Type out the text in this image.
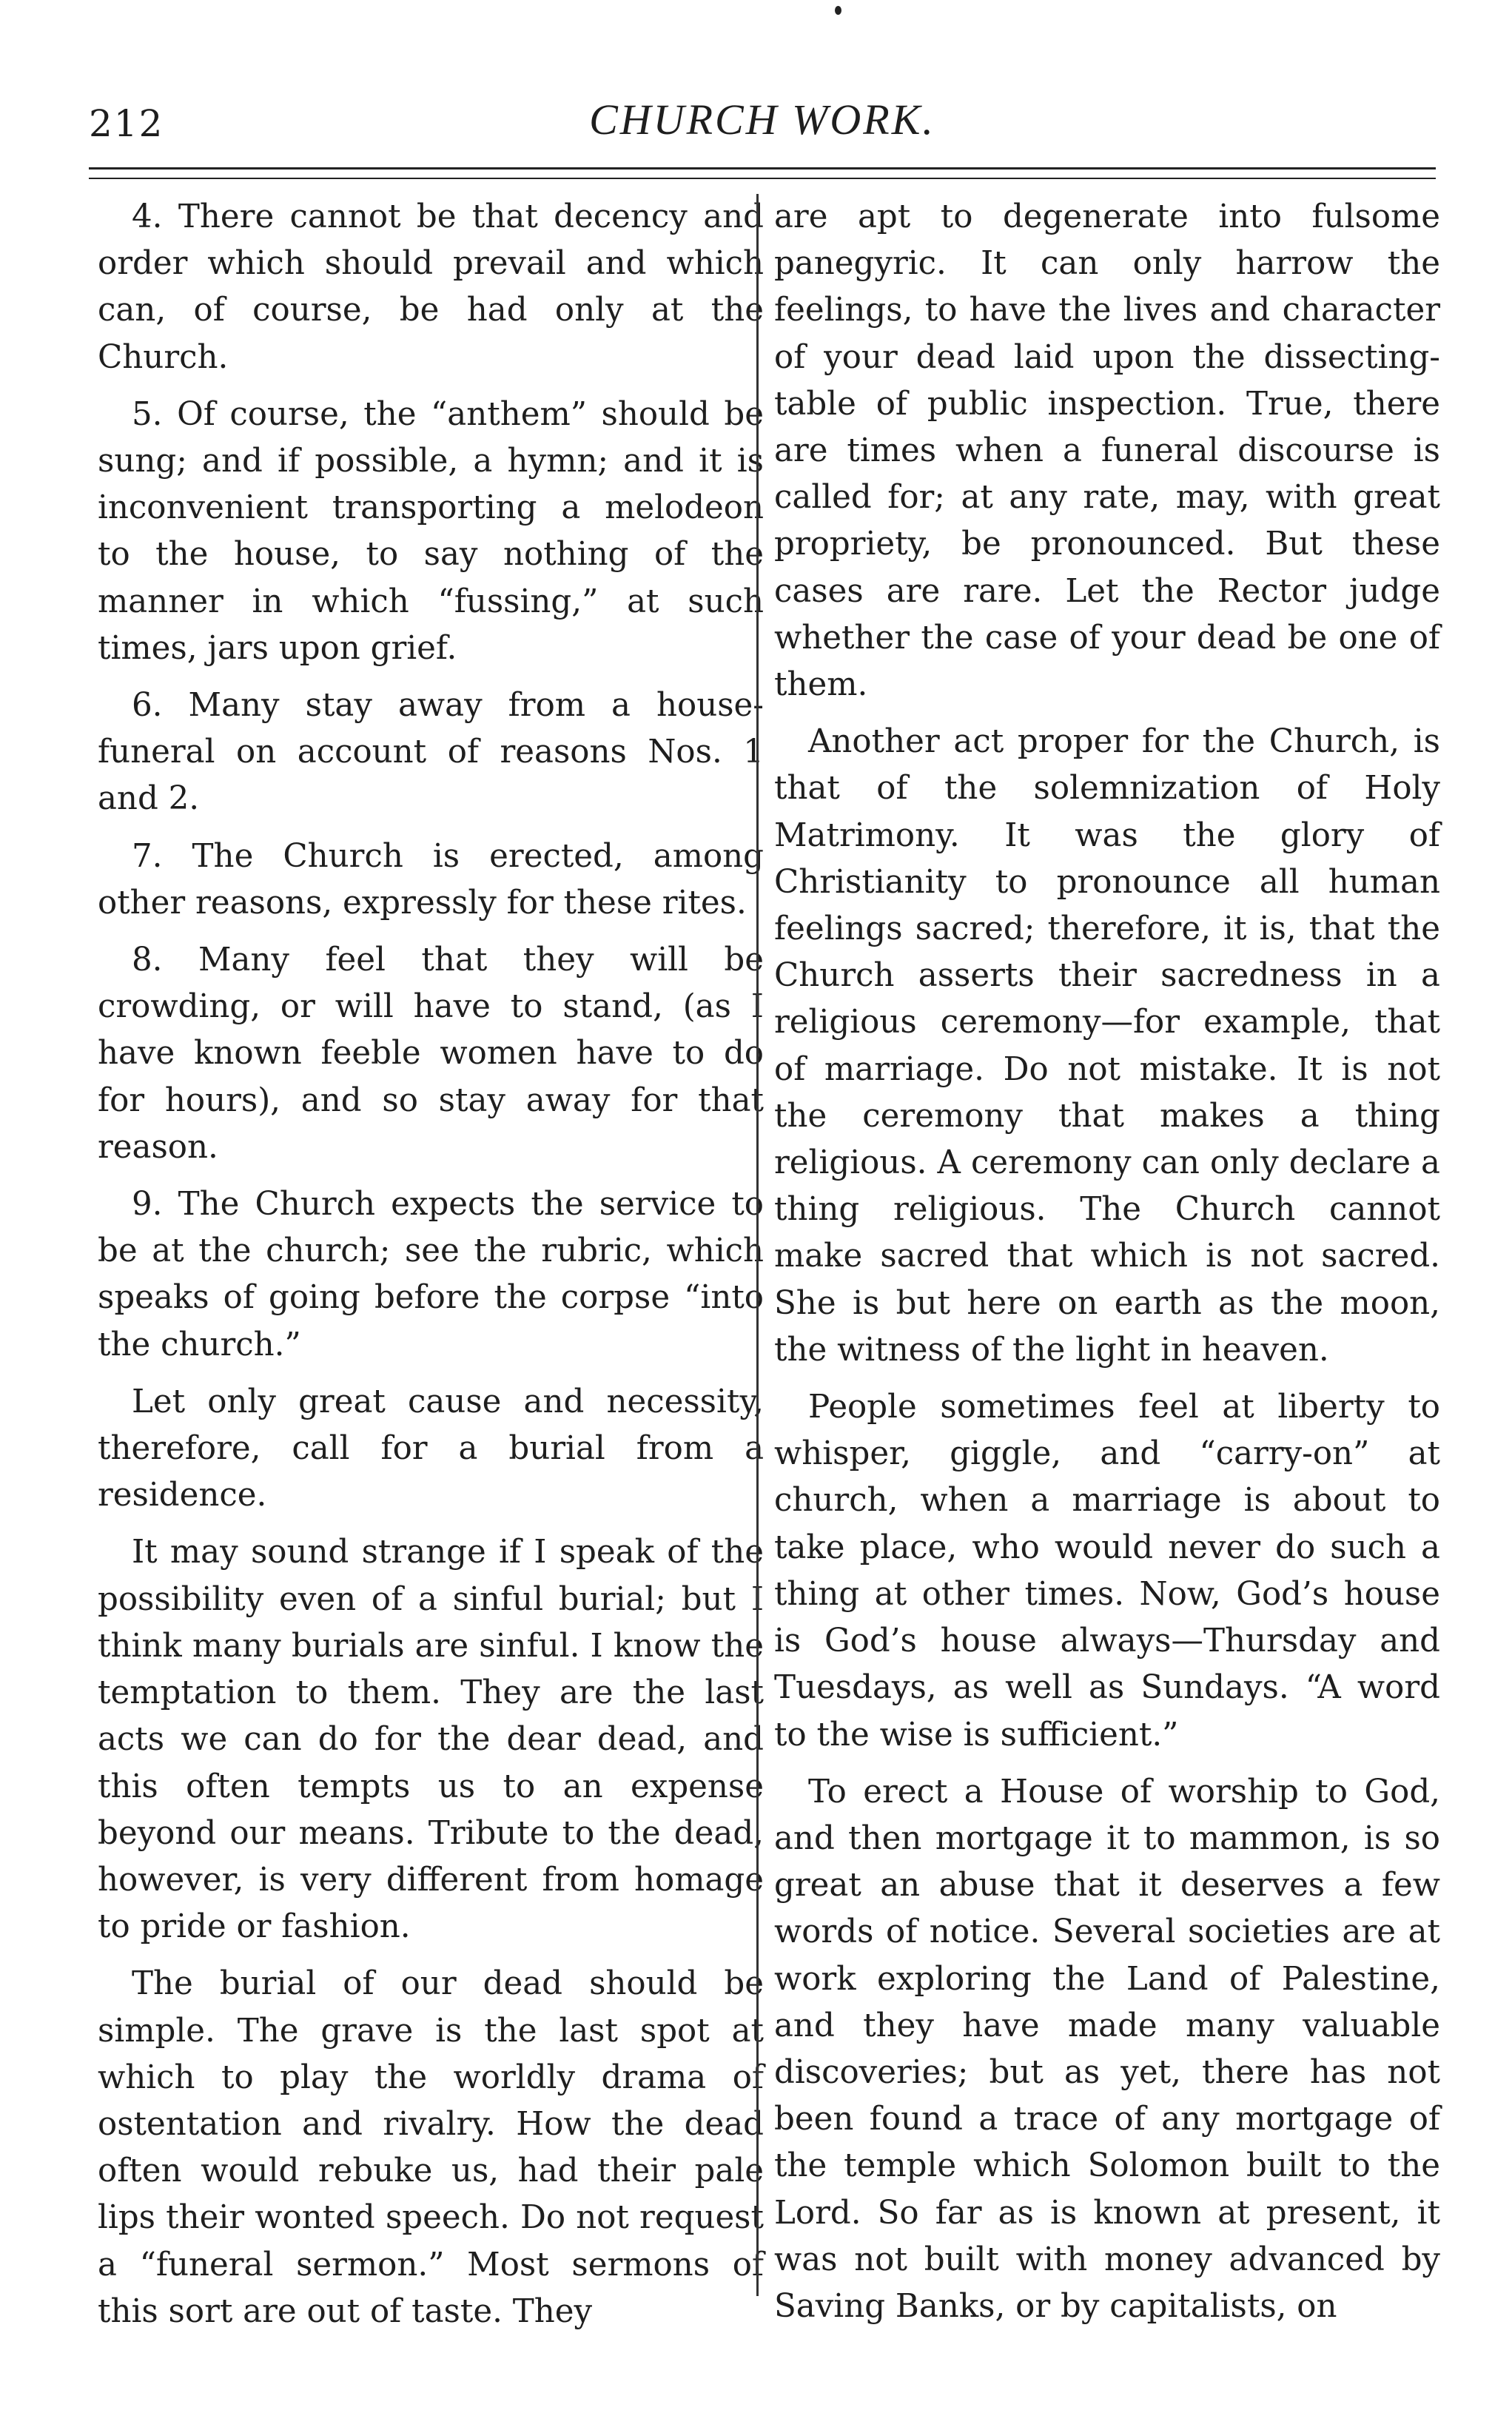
212	CHURCH WORK.

4. There cannot be that decency and order which should prevail and which can, of course, be had only at the Church.

5. Of course, the “anthem” should be sung; and if possible, a hymn; and it is inconvenient transporting a melodeon to the house, to say nothing of the manner in which “fussing,” at such times, jars upon grief.

6. Many stay away from a house-funeral on account of reasons Nos. 1 and 2.

7. The Church is erected, among other reasons, expressly for these rites.

8. Many feel that they will be crowding, or will have to stand, (as I have known feeble women have to do for hours), and so stay away for that reason.

9. The Church expects the service to be at the church; see the rubric, which speaks of going before the corpse “into the church.”

Let only great cause and necessity, therefore, call for a burial from a residence.

It may sound strange if I speak of the possibility even of a sinful burial; but I think many burials are sinful. I know the temptation to them. They are the last acts we can do for the dear dead, and this often tempts us to an expense beyond our means. Tribute to the dead, however, is very different from homage to pride or fashion.

The burial of our dead should be simple. The grave is the last spot at which to play the worldly drama of ostentation and rivalry. How the dead often would rebuke us, had their pale lips their wonted speech. Do not request a “funeral sermon.” Most sermons of this sort are out of taste. They

are apt to degenerate into fulsome panegyric. It can only harrow the feelings, to have the lives and character of your dead laid upon the dissecting-table of public inspection. True, there are times when a funeral discourse is called for; at any rate, may, with great propriety, be pronounced. But these cases are rare. Let the Rector judge whether the case of your dead be one of them.

Another act proper for the Church, is that of the solemnization of Holy Matrimony. It was the glory of Christianity to pronounce all human feelings sacred; therefore, it is, that the Church asserts their sacredness in a religious ceremony—for example, that of marriage. Do not mistake. It is not the ceremony that makes a thing religious. A ceremony can only declare a thing religious. The Church cannot make sacred that which is not sacred. She is but here on earth as the moon, the witness of the light in heaven.

People sometimes feel at liberty to whisper, giggle, and “carry-on” at church, when a marriage is about to take place, who would never do such a thing at other times. Now, God’s house is God’s house always—Thursday and Tuesdays, as well as Sundays. “A word to the wise is sufficient.”

To erect a House of worship to God, and then mortgage it to mammon, is so great an abuse that it deserves a few words of notice. Several societies are at work exploring the Land of Palestine, and they have made many valuable discoveries; but as yet, there has not been found a trace of any mortgage of the temple which Solomon built to the Lord. So far as is known at present, it was not built with money advanced by Saving Banks, or by capitalists, on
